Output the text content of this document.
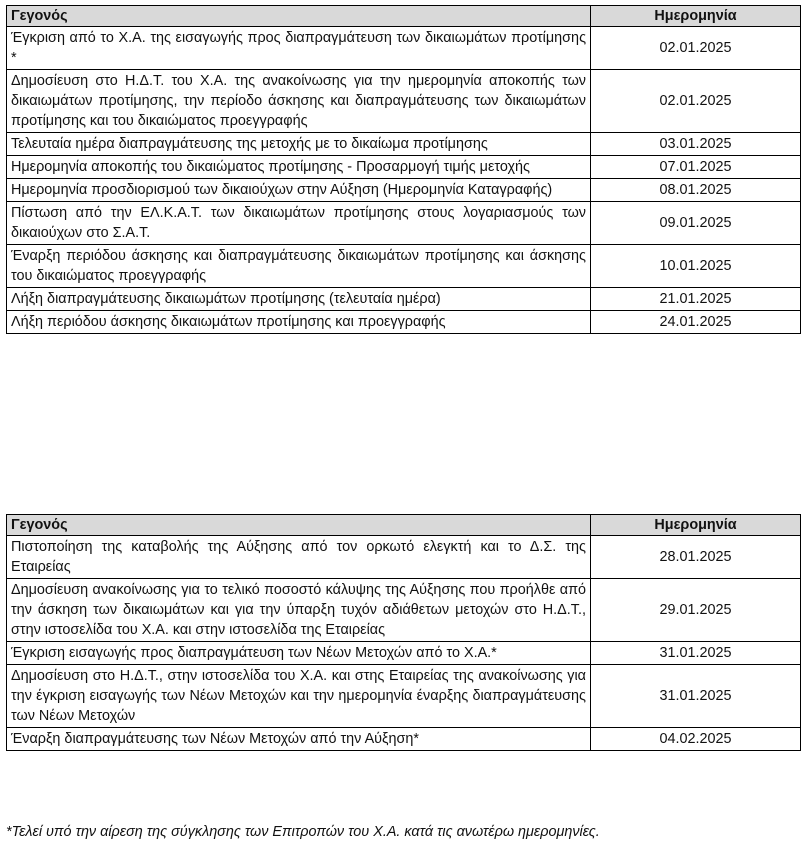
Γεγονός	Ημερομηνία
Έγκριση από το Χ.Α. της εισαγωγής προς διαπραγμάτευση των δικαιωμάτων προτίμησης *	02.01.2025
Δημοσίευση στο Η.Δ.Τ. του Χ.Α. της ανακοίνωσης για την ημερομηνία αποκοπής των δικαιωμάτων προτίμησης, την περίοδο άσκησης και διαπραγμάτευσης των δικαιωμάτων προτίμησης και του δικαιώματος προεγγραφής	02.01.2025
Τελευταία ημέρα διαπραγμάτευσης της μετοχής με το δικαίωμα προτίμησης	03.01.2025
Ημερομηνία αποκοπής του δικαιώματος προτίμησης - Προσαρμογή τιμής μετοχής	07.01.2025
Ημερομηνία προσδιορισμού των δικαιούχων στην Αύξηση (Ημερομηνία Καταγραφής)	08.01.2025
Πίστωση από την ΕΛ.Κ.Α.Τ. των δικαιωμάτων προτίμησης στους λογαριασμούς των δικαιούχων στο Σ.Α.Τ.	09.01.2025
Έναρξη περιόδου άσκησης και διαπραγμάτευσης δικαιωμάτων προτίμησης και άσκησης του δικαιώματος προεγγραφής	10.01.2025
Λήξη διαπραγμάτευσης δικαιωμάτων προτίμησης (τελευταία ημέρα)	21.01.2025
Λήξη περιόδου άσκησης δικαιωμάτων προτίμησης και προεγγραφής	24.01.2025
Γεγονός	Ημερομηνία
Πιστοποίηση της καταβολής της Αύξησης από τον ορκωτό ελεγκτή και το Δ.Σ. της Εταιρείας	28.01.2025
Δημοσίευση ανακοίνωσης για το τελικό ποσοστό κάλυψης της Αύξησης που προήλθε από την άσκηση των δικαιωμάτων και για την ύπαρξη τυχόν αδιάθετων μετοχών στο Η.Δ.Τ., στην ιστοσελίδα του Χ.Α. και στην ιστοσελίδα της Εταιρείας	29.01.2025
Έγκριση εισαγωγής προς διαπραγμάτευση των Νέων Μετοχών από το Χ.Α.*	31.01.2025
Δημοσίευση στο Η.Δ.Τ., στην ιστοσελίδα του Χ.Α. και στης Εταιρείας της ανακοίνωσης για την έγκριση εισαγωγής των Νέων Μετοχών και την ημερομηνία έναρξης διαπραγμάτευσης των Νέων Μετοχών	31.01.2025
Έναρξη διαπραγμάτευσης των Νέων Μετοχών από την Αύξηση*	04.02.2025
*Τελεί υπό την αίρεση της σύγκλησης των Επιτροπών του Χ.Α. κατά τις ανωτέρω ημερομηνίες.
